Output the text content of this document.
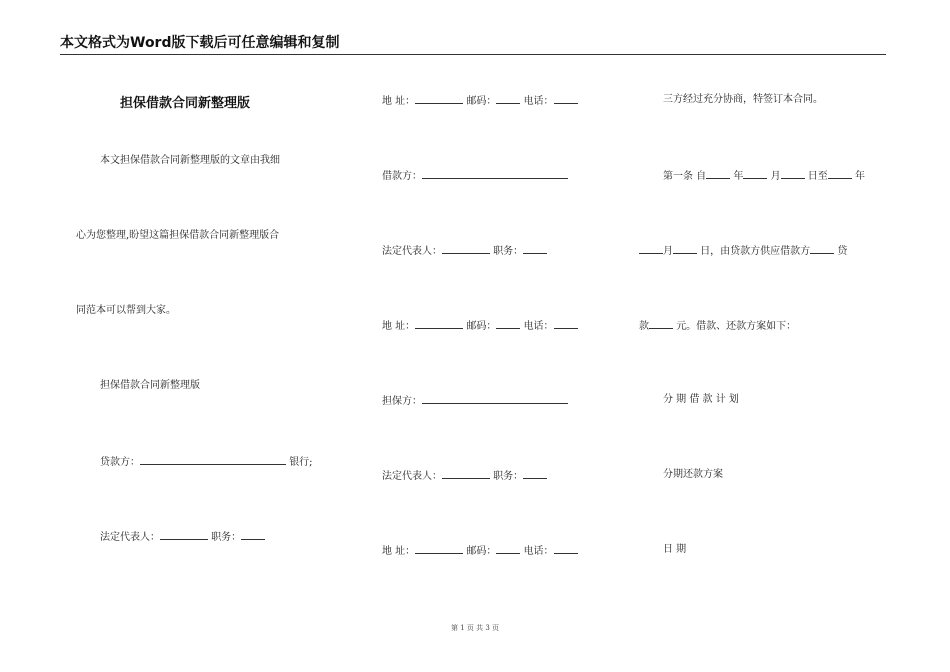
本文格式为Word版下载后可任意编辑和复制
担保借款合同新整理版
本文担保借款合同新整理版的文章由我细
心为您整理,盼望这篇担保借款合同新整理版合
同范本可以帮到大家。
担保借款合同新整理版
贷款方：	银行;
法定代表人：	职务：
地 址：	邮码：	电话：
借款方：
法定代表人：	职务：
地 址：	邮码：	电话：
担保方：
法定代表人：	职务：
地 址：	邮码：	电话：
三方经过充分协商，特签订本合同。
第一条 自	年	月	日至	年
月	日，由贷款方供应借款方	贷
款	元。借款、还款方案如下：
分 期 借 款 计 划
分期还款方案
日 期
第 1 页 共 3 页
